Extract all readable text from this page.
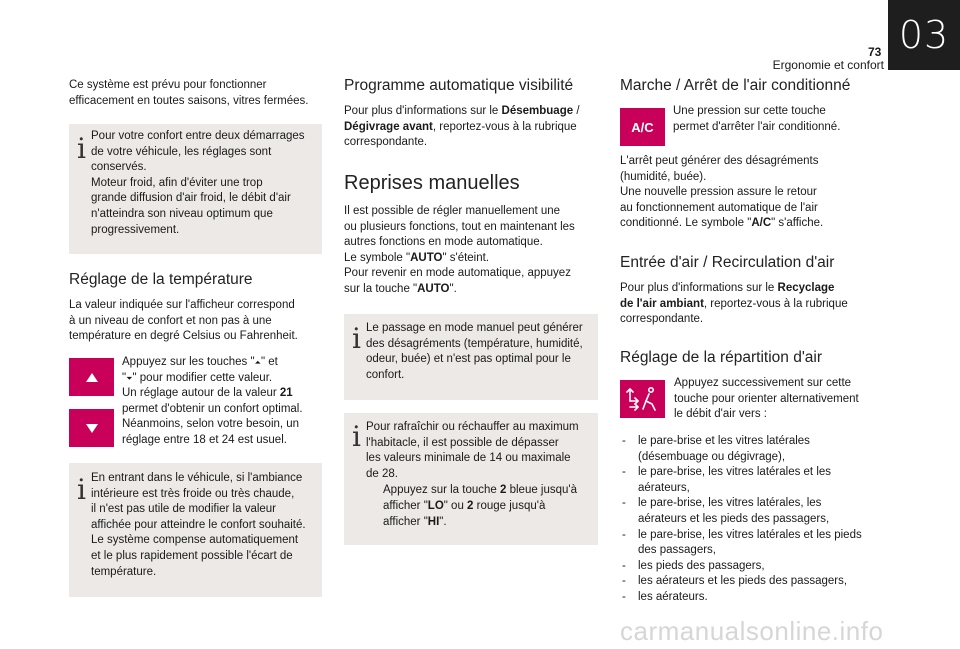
73
Ergonomie et confort
03

Ce système est prévu pour fonctionner

efficacement en toutes saisons, vitres fermées.

i Pour votre confort entre deux démarrages
de votre véhicule, les réglages sont
conservés.
Moteur froid, afin d'éviter une trop
grande diffusion d'air froid, le débit d'air
n'atteindra son niveau optimum que
progressivement.

Réglage de la température

La valeur indiquée sur l'afficheur correspond

à un niveau de confort et non pas à une

température en degré Celsius ou Fahrenheit.

Appuyez sur les touches "⏶" et

"⏷" pour modifier cette valeur.

Un réglage autour de la valeur 21

permet d'obtenir un confort optimal.

Néanmoins, selon votre besoin, un

réglage entre 18 et 24 est usuel.

i En entrant dans le véhicule, si l'ambiance
intérieure est très froide ou très chaude,
il n'est pas utile de modifier la valeur
affichée pour atteindre le confort souhaité.
Le système compense automatiquement
et le plus rapidement possible l'écart de
température.

Programme automatique visibilité

Pour plus d'informations sur le Désembuage /

Dégivrage avant, reportez-vous à la rubrique

correspondante.

Reprises manuelles

Il est possible de régler manuellement une

ou plusieurs fonctions, tout en maintenant les

autres fonctions en mode automatique.

Le symbole "AUTO" s'éteint.

Pour revenir en mode automatique, appuyez

sur la touche "AUTO".

i Le passage en mode manuel peut générer
des désagréments (température, humidité,
odeur, buée) et n'est pas optimal pour le
confort.

i Pour rafraîchir ou réchauffer au maximum
l'habitacle, il est possible de dépasser
les valeurs minimale de 14 ou maximale
de 28.

Appuyez sur la touche 2 bleue jusqu'à

afficher "LO" ou 2 rouge jusqu'à

afficher "HI".

Marche / Arrêt de l'air conditionné
A/C

Une pression sur cette touche

permet d'arrêter l'air conditionné.

L'arrêt peut générer des désagréments

(humidité, buée).

Une nouvelle pression assure le retour

au fonctionnement automatique de l'air

conditionné. Le symbole "A/C" s'affiche.

Entrée d'air / Recirculation d'air

Pour plus d'informations sur le Recyclage

de l'air ambiant, reportez-vous à la rubrique

correspondante.

Réglage de la répartition d'air

Appuyez successivement sur cette

touche pour orienter alternativement

le débit d'air vers :

- le pare-brise et les vitres latérales
(désembuage ou dégivrage),
- le pare-brise, les vitres latérales et les
aérateurs,
- le pare-brise, les vitres latérales, les
aérateurs et les pieds des passagers,
- le pare-brise, les vitres latérales et les pieds
des passagers,
- les pieds des passagers,
- les aérateurs et les pieds des passagers,
- les aérateurs.
carmanualsonline.info
